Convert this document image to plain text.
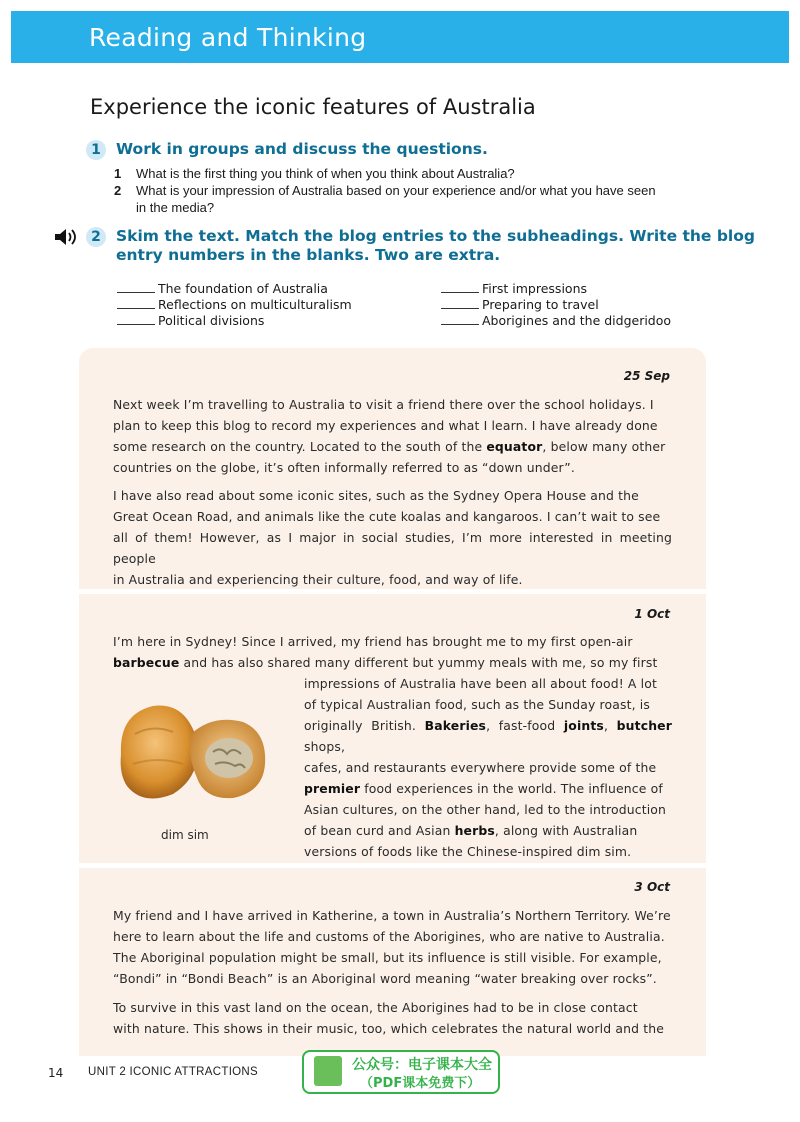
Reading and Thinking
Experience the iconic features of Australia
1 Work in groups and discuss the questions.
1 What is the first thing you think of when you think about Australia?
2 What is your impression of Australia based on your experience and/or what you have seen
in the media?
2 Skim the text. Match the blog entries to the subheadings. Write the blog
entry numbers in the blanks. Two are extra.
The foundation of Australia
Reflections on multiculturalism
Political divisions
First impressions
Preparing to travel
Aborigines and the didgeridoo
25 Sep
Next week I’m travelling to Australia to visit a friend there over the school holidays. I
plan to keep this blog to record my experiences and what I learn. I have already done
some research on the country. Located to the south of the equator, below many other
countries on the globe, it’s often informally referred to as “down under”.
I have also read about some iconic sites, such as the Sydney Opera House and the
Great Ocean Road, and animals like the cute koalas and kangaroos. I can’t wait to see
all of them! However, as I major in social studies, I’m more interested in meeting people
in Australia and experiencing their culture, food, and way of life.
1 Oct
I’m here in Sydney! Since I arrived, my friend has brought me to my first open-air
barbecue and has also shared many different but yummy meals with me, so my first
impressions of Australia have been all about food! A lot
of typical Australian food, such as the Sunday roast, is
originally British. Bakeries, fast-food joints, butcher shops,
cafes, and restaurants everywhere provide some of the
premier food experiences in the world. The influence of
Asian cultures, on the other hand, led to the introduction
of bean curd and Asian herbs, along with Australian
versions of foods like the Chinese-inspired dim sim.
dim sim
3 Oct
My friend and I have arrived in Katherine, a town in Australia’s Northern Territory. We’re
here to learn about the life and customs of the Aborigines, who are native to Australia.
The Aboriginal population might be small, but its influence is still visible. For example,
“Bondi” in “Bondi Beach” is an Aboriginal word meaning “water breaking over rocks”.
To survive in this vast land on the ocean, the Aborigines had to be in close contact
with nature. This shows in their music, too, which celebrates the natural world and the
14 UNIT 2 ICONIC ATTRACTIONS	公众号：电子课本大全
（PDF课本免费下）
